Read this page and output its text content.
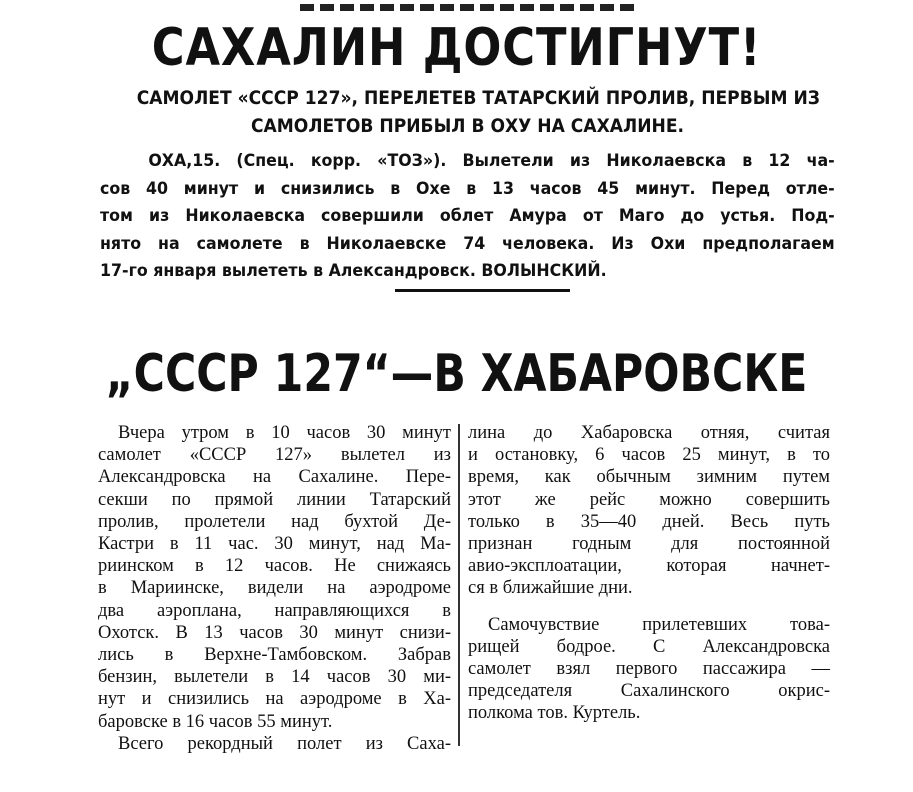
САХАЛИН ДОСТИГНУТ!
САМОЛЕТ «СССР 127», ПЕРЕЛЕТЕВ ТАТАРСКИЙ ПРОЛИВ, ПЕРВЫМ ИЗ
САМОЛЕТОВ ПРИБЫЛ В ОХУ НА САХАЛИНЕ.
ОХА,15. (Спец. корр. «ТОЗ»). Вылетели из Николаевска в 12 ча-
сов 40 минут и снизились в Охе в 13 часов 45 минут. Перед отле-
том из Николаевска совершили облет Амура от Маго до устья. Под-
нято на самолете в Николаевске 74 человека. Из Охи предполагаем
17-го января вылететь в Александровск. ВОЛЫНСКИЙ.
„СССР 127“—В ХАБАРОВСКЕ
Вчера утром в 10 часов 30 минут
самолет «СССР 127» вылетел из
Александровска на Сахалине. Пере-
секши по прямой линии Татарский
пролив, пролетели над бухтой Де-
Кастри в 11 час. 30 минут, над Ма-
риинском в 12 часов. Не снижаясь
в Мариинске, видели на аэродроме
два аэроплана, направляющихся в
Охотск. В 13 часов 30 минут снизи-
лись в Верхне-Тамбовском. Забрав
бензин, вылетели в 14 часов 30 ми-
нут и снизились на аэродроме в Ха-
баровске в 16 часов 55 минут.
Всего рекордный полет из Саха-
лина до Хабаровска отняя, считая
и остановку, 6 часов 25 минут, в то
время, как обычным зимним путем
этот же рейс можно совершить
только в 35—40 дней. Весь путь
признан годным для постоянной
авио-эксплоатации, которая начнет-
ся в ближайшие дни.
Самочувствие прилетевших това-
рищей бодрое. С Александровска
самолет взял первого пассажира —
председателя Сахалинского окрис-
полкома тов. Куртель.
